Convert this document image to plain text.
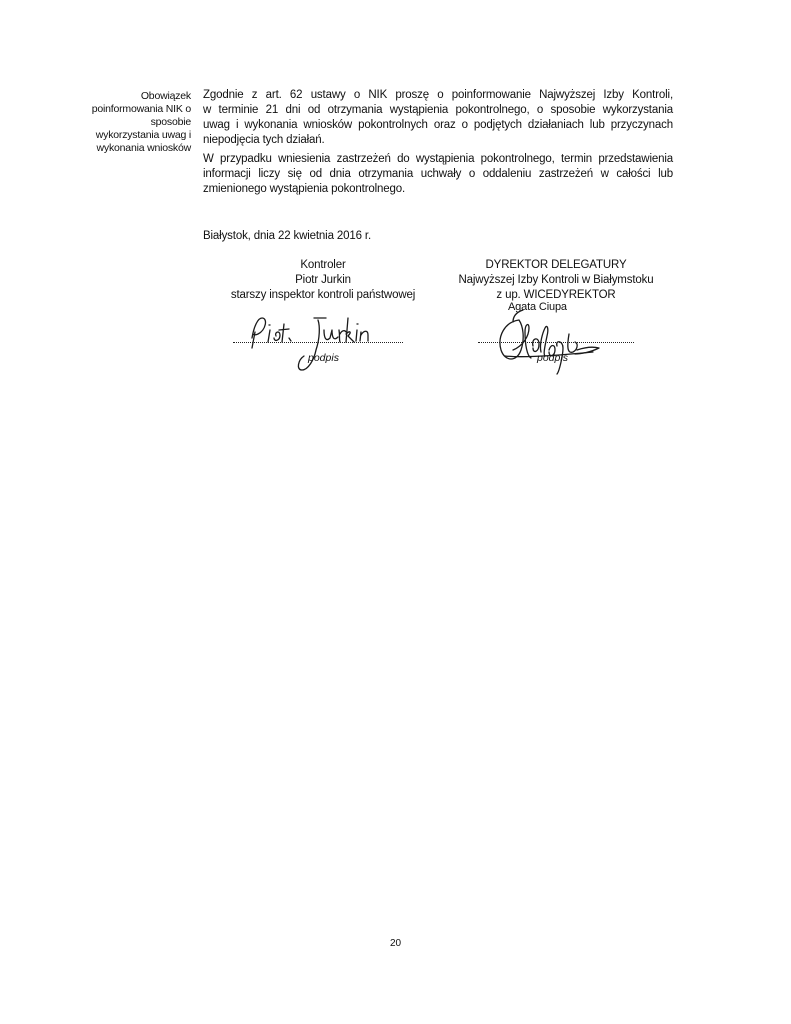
Obowiązek
poinformowania NIK o
sposobie
wykorzystania uwag i
wykonania wniosków

Zgodnie z art. 62 ustawy o NIK proszę o poinformowanie Najwyższej Izby Kontroli,
w terminie 21 dni od otrzymania wystąpienia pokontrolnego, o sposobie wykorzystania
uwag i wykonania wniosków pokontrolnych oraz o podjętych działaniach lub przyczynach
niepodjęcia tych działań.

W przypadku wniesienia zastrzeżeń do wystąpienia pokontrolnego, termin przedstawienia
informacji liczy się od dnia otrzymania uchwały o oddaleniu zastrzeżeń w całości lub
zmienionego wystąpienia pokontrolnego.

Białystok, dnia 22 kwietnia 2016 r.
Kontroler
Piotr Jurkin
starszy inspektor kontroli państwowej
DYREKTOR DELEGATURY
Najwyższej Izby Kontroli w Białymstoku
z up. WICEDYREKTOR
Agata Ciupa
podpis	podpis
20
